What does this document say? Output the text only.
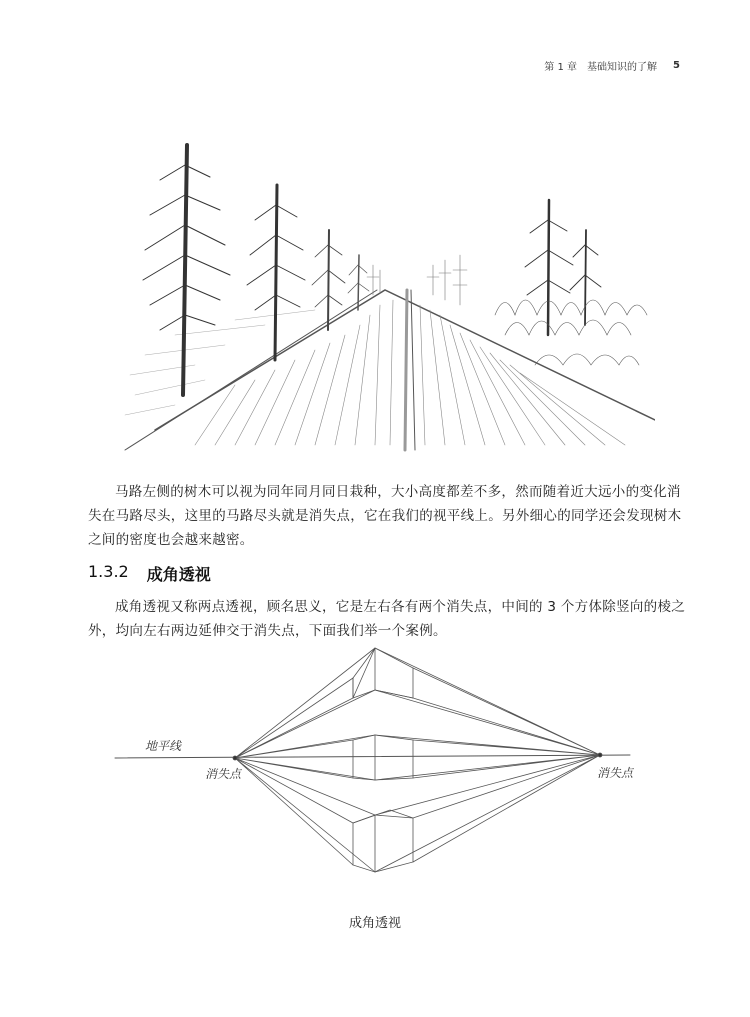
第 1 章　基础知识的了解 5

马路左侧的树木可以视为同年同月同日栽种，大小高度都差不多，然而随着近大远小的变化消失在马路尽头，这里的马路尽头就是消失点，它在我们的视平线上。另外细心的同学还会发现树木之间的密度也会越来越密。

1.3.2 成角透视

成角透视又称两点透视，顾名思义，它是左右各有两个消失点，中间的 3 个方体除竖向的棱之外，均向左右两边延伸交于消失点，下面我们举一个案例。

地平线
消失点	消失点
成角透视
